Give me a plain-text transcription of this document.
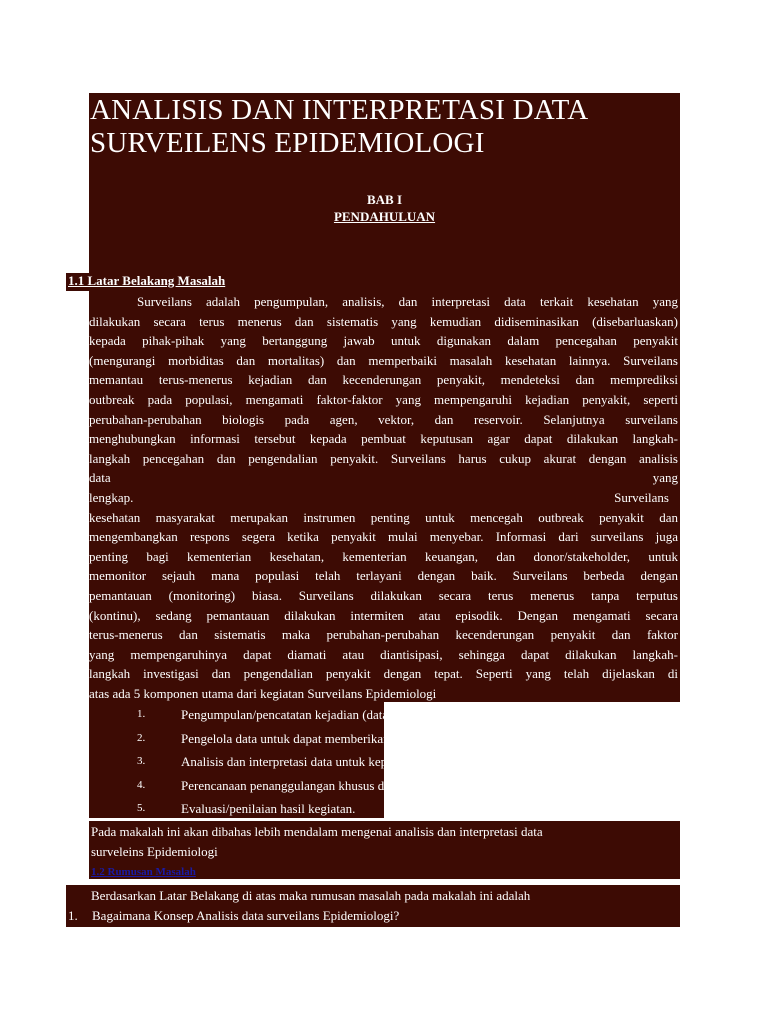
ANALISIS DAN INTERPRETASI DATA
SURVEILENS EPIDEMIOLOGI
BAB I
PENDAHULUAN
1.1 Latar Belakang Masalah
Surveilans adalah pengumpulan, analisis, dan interpretasi data terkait kesehatan yang
dilakukan secara terus menerus dan sistematis yang kemudian didiseminasikan (disebarluaskan)
kepada pihak-pihak yang bertanggung jawab untuk digunakan dalam pencegahan penyakit
(mengurangi morbiditas dan mortalitas) dan memperbaiki masalah kesehatan lainnya. Surveilans
memantau terus-menerus kejadian dan kecenderungan penyakit, mendeteksi dan memprediksi
outbreak pada populasi, mengamati faktor-faktor yang mempengaruhi kejadian penyakit, seperti
perubahan-perubahan biologis pada agen, vektor, dan reservoir. Selanjutnya surveilans
menghubungkan informasi tersebut kepada pembuat keputusan agar dapat dilakukan langkah-
langkah pencegahan dan pengendalian penyakit. Surveilans harus cukup akurat dengan analisis
data	yang
lengkap.	Surveilans
kesehatan masyarakat merupakan instrumen penting untuk mencegah outbreak penyakit dan
mengembangkan respons segera ketika penyakit mulai menyebar. Informasi dari surveilans juga
penting bagi kementerian kesehatan, kementerian keuangan, dan donor/stakeholder, untuk
memonitor sejauh mana populasi telah terlayani dengan baik. Surveilans berbeda dengan
pemantauan (monitoring) biasa. Surveilans dilakukan secara terus menerus tanpa terputus
(kontinu), sedang pemantauan dilakukan intermiten atau episodik. Dengan mengamati secara
terus-menerus dan sistematis maka perubahan-perubahan kecenderungan penyakit dan faktor
yang mempengaruhinya dapat diamati atau diantisipasi, sehingga dapat dilakukan langkah-
langkah investigasi dan pengendalian penyakit dengan tepat. Seperti yang telah dijelaskan di
atas ada 5 komponen utama dari kegiatan Surveilans Epidemiologi
1.	Pengumpulan/pencatatan kejadian (data) yang dapat dipercaya.
2.	Pengelola data untuk dapat memberikan keterangan yang berarti.
3.	Analisis dan interpretasi data untuk keperluan kegiatan.
4.	Perencanaan penanggulangan khusus dan program pelaksanaannya.
5.	Evaluasi/penilaian hasil kegiatan.
Pada makalah ini akan dibahas lebih mendalam mengenai analisis dan interpretasi data
surveleins Epidemiologi
1.2 Rumusan Masalah
Berdasarkan Latar Belakang di atas maka rumusan masalah pada makalah ini adalah
1. Bagaimana Konsep Analisis data surveilans Epidemiologi?
